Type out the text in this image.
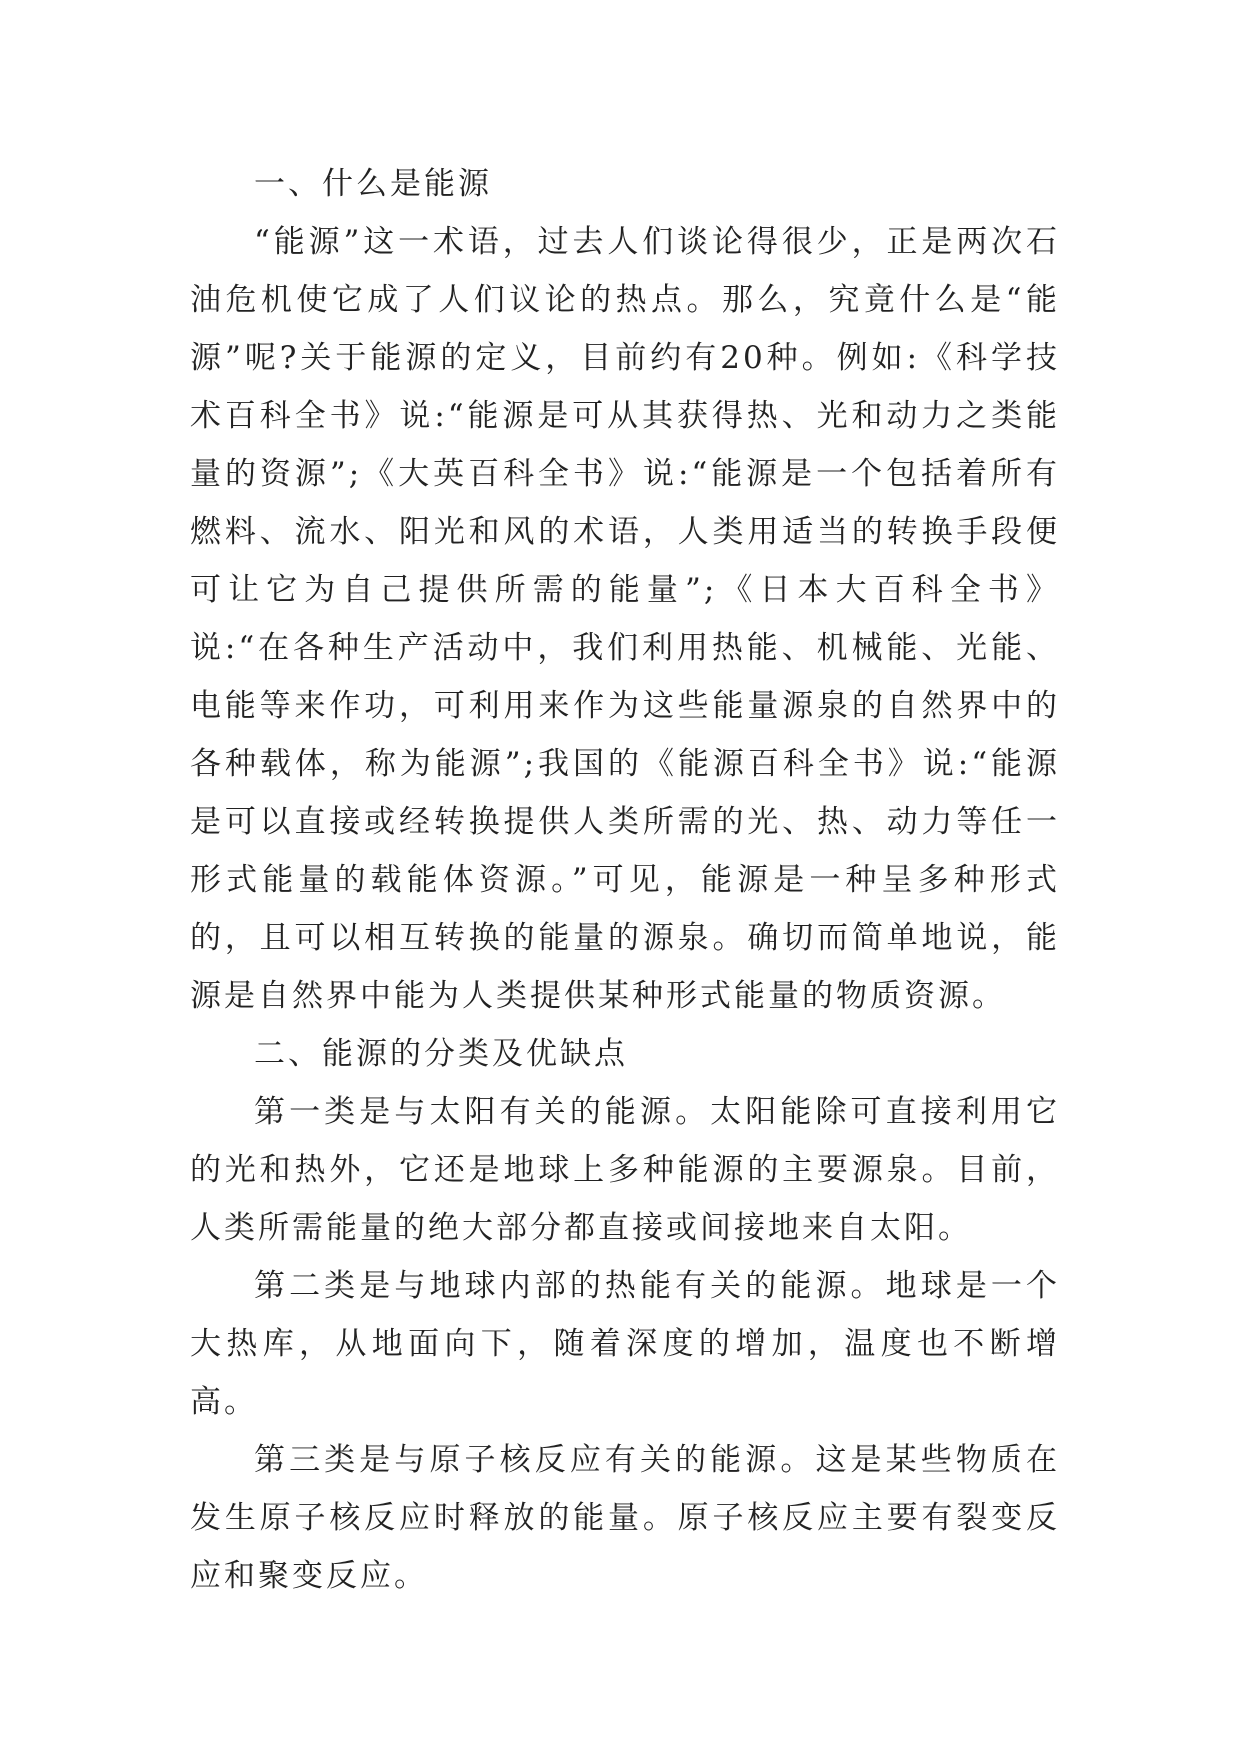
一、什么是能源

“能源”这一术语，过去人们谈论得很少，正是两次石油危机使它成了人们议论的热点。那么，究竟什么是“能源”呢?关于能源的定义，目前约有20种。例如:《科学技术百科全书》说:“能源是可从其获得热、光和动力之类能量的资源”;《大英百科全书》说:“能源是一个包括着所有燃料、流水、阳光和风的术语，人类用适当的转换手段便可让它为自己提供所需的能量”;《日本大百科全书》说:“在各种生产活动中，我们利用热能、机械能、光能、电能等来作功，可利用来作为这些能量源泉的自然界中的各种载体，称为能源”;我国的《能源百科全书》说:“能源是可以直接或经转换提供人类所需的光、热、动力等任一形式能量的载能体资源。”可见，能源是一种呈多种形式的，且可以相互转换的能量的源泉。确切而简单地说，能源是自然界中能为人类提供某种形式能量的物质资源。

二、能源的分类及优缺点

第一类是与太阳有关的能源。太阳能除可直接利用它的光和热外，它还是地球上多种能源的主要源泉。目前，人类所需能量的绝大部分都直接或间接地来自太阳。

第二类是与地球内部的热能有关的能源。地球是一个大热库，从地面向下，随着深度的增加，温度也不断增高。

第三类是与原子核反应有关的能源。这是某些物质在发生原子核反应时释放的能量。原子核反应主要有裂变反应和聚变反应。
